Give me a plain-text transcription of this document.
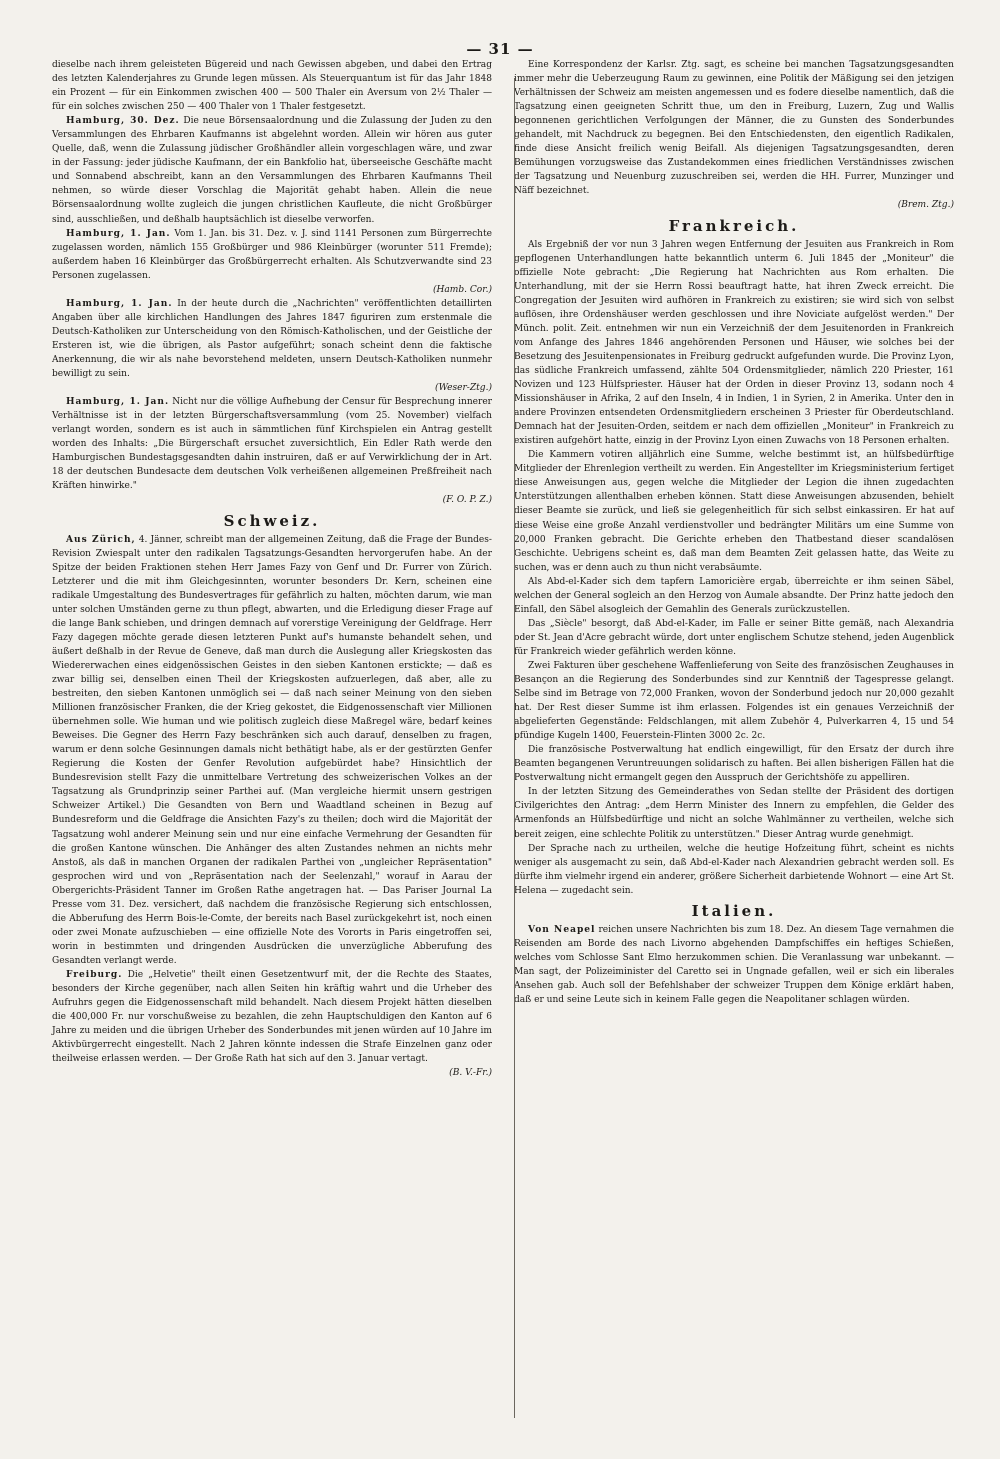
— 31 —

dieselbe nach ihrem geleisteten Bügereid und nach Gewissen abgeben, und dabei den Ertrag des letzten Kalenderjahres zu Grunde legen müssen. Als Steuerquantum ist für das Jahr 1848 ein Prozent — für ein Einkommen zwischen 400 — 500 Thaler ein Aversum von 2½ Thaler — für ein solches zwischen 250 — 400 Thaler von 1 Thaler festgesetzt.

Hamburg, 30. Dez. Die neue Börsensaalordnung und die Zulassung der Juden zu den Versammlungen des Ehrbaren Kaufmanns ist abgelehnt worden. Allein wir hören aus guter Quelle, daß, wenn die Zulassung jüdischer Großhändler allein vorgeschlagen wäre, und zwar in der Fassung: jeder jüdische Kaufmann, der ein Bankfolio hat, überseeische Geschäfte macht und Sonnabend abschreibt, kann an den Versammlungen des Ehrbaren Kaufmanns Theil nehmen, so würde dieser Vorschlag die Majorität gehabt haben. Allein die neue Börsensaalordnung wollte zugleich die jungen christlichen Kaufleute, die nicht Großbürger sind, ausschließen, und deßhalb hauptsächlich ist dieselbe verworfen.

Hamburg, 1. Jan. Vom 1. Jan. bis 31. Dez. v. J. sind 1141 Personen zum Bürgerrechte zugelassen worden, nämlich 155 Großbürger und 986 Kleinbürger (worunter 511 Fremde); außerdem haben 16 Kleinbürger das Großbürgerrecht erhalten. Als Schutzverwandte sind 23 Personen zugelassen.
(Hamb. Cor.)

Hamburg, 1. Jan. In der heute durch die „Nachrichten" veröffentlichten detaillirten Angaben über alle kirchlichen Handlungen des Jahres 1847 figuriren zum erstenmale die Deutsch-Katholiken zur Unterscheidung von den Römisch-Katholischen, und der Geistliche der Ersteren ist, wie die übrigen, als Pastor aufgeführt; sonach scheint denn die faktische Anerkennung, die wir als nahe bevorstehend meldeten, unsern Deutsch-Katholiken nunmehr bewilligt zu sein.
(Weser-Ztg.)

Hamburg, 1. Jan. Nicht nur die völlige Aufhebung der Censur für Besprechung innerer Verhältnisse ist in der letzten Bürgerschaftsversammlung (vom 25. November) vielfach verlangt worden, sondern es ist auch in sämmtlichen fünf Kirchspielen ein Antrag gestellt worden des Inhalts: „Die Bürgerschaft ersuchet zuversichtlich, Ein Edler Rath werde den Hamburgischen Bundestagsgesandten dahin instruiren, daß er auf Verwirklichung der in Art. 18 der deutschen Bundesacte dem deutschen Volk verheißenen allgemeinen Preßfreiheit nach Kräften hinwirke."
(F. O. P. Z.)

Schweiz.

Aus Zürich, 4. Jänner, schreibt man der allgemeinen Zeitung, daß die Frage der Bundes-Revision Zwiespalt unter den radikalen Tagsatzungs-Gesandten hervorgerufen habe. An der Spitze der beiden Fraktionen stehen Herr James Fazy von Genf und Dr. Furrer von Zürich. Letzterer und die mit ihm Gleichgesinnten, worunter besonders Dr. Kern, scheinen eine radikale Umgestaltung des Bundesvertrages für gefährlich zu halten, möchten darum, wie man unter solchen Umständen gerne zu thun pflegt, abwarten, und die Erledigung dieser Frage auf die lange Bank schieben, und dringen demnach auf vorerstige Vereinigung der Geldfrage. Herr Fazy dagegen möchte gerade diesen letzteren Punkt auf's humanste behandelt sehen, und äußert deßhalb in der Revue de Geneve, daß man durch die Auslegung aller Kriegskosten das Wiedererwachen eines eidgenössischen Geistes in den sieben Kantonen erstickte; — daß es zwar billig sei, denselben einen Theil der Kriegskosten aufzuerlegen, daß aber, alle zu bestreiten, den sieben Kantonen unmöglich sei — daß nach seiner Meinung von den sieben Millionen französischer Franken, die der Krieg gekostet, die Eidgenossenschaft vier Millionen übernehmen solle. Wie human und wie politisch zugleich diese Maßregel wäre, bedarf keines Beweises. Die Gegner des Herrn Fazy beschränken sich auch darauf, denselben zu fragen, warum er denn solche Gesinnungen damals nicht bethätigt habe, als er der gestürzten Genfer Regierung die Kosten der Genfer Revolution aufgebürdet habe? Hinsichtlich der Bundesrevision stellt Fazy die unmittelbare Vertretung des schweizerischen Volkes an der Tagsatzung als Grundprinzip seiner Parthei auf. (Man vergleiche hiermit unsern gestrigen Schweizer Artikel.) Die Gesandten von Bern und Waadtland scheinen in Bezug auf Bundesreform und die Geldfrage die Ansichten Fazy's zu theilen; doch wird die Majorität der Tagsatzung wohl anderer Meinung sein und nur eine einfache Vermehrung der Gesandten für die großen Kantone wünschen. Die Anhänger des alten Zustandes nehmen an nichts mehr Anstoß, als daß in manchen Organen der radikalen Parthei von „ungleicher Repräsentation" gesprochen wird und von „Repräsentation nach der Seelenzahl," worauf in Aarau der Obergerichts-Präsident Tanner im Großen Rathe angetragen hat. — Das Pariser Journal La Presse vom 31. Dez. versichert, daß nachdem die französische Regierung sich entschlossen, die Abberufung des Herrn Bois-le-Comte, der bereits nach Basel zurückgekehrt ist, noch einen oder zwei Monate aufzuschieben — eine offizielle Note des Vororts in Paris eingetroffen sei, worin in bestimmten und dringenden Ausdrücken die unverzügliche Abberufung des Gesandten verlangt werde.

Freiburg. Die „Helvetie" theilt einen Gesetzentwurf mit, der die Rechte des Staates, besonders der Kirche gegenüber, nach allen Seiten hin kräftig wahrt und die Urheber des Aufruhrs gegen die Eidgenossenschaft mild behandelt. Nach diesem Projekt hätten dieselben die 400,000 Fr. nur vorschußweise zu bezahlen, die zehn Hauptschuldigen den Kanton auf 6 Jahre zu meiden und die übrigen Urheber des Sonderbundes mit jenen würden auf 10 Jahre im Aktivbürgerrecht eingestellt. Nach 2 Jahren könnte indessen die Strafe Einzelnen ganz oder theilweise erlassen werden. — Der Große Rath hat sich auf den 3. Januar vertagt.
(B. V.-Fr.)

Eine Korrespondenz der Karlsr. Ztg. sagt, es scheine bei manchen Tagsatzungsgesandten immer mehr die Ueberzeugung Raum zu gewinnen, eine Politik der Mäßigung sei den jetzigen Verhältnissen der Schweiz am meisten angemessen und es fodere dieselbe namentlich, daß die Tagsatzung einen geeigneten Schritt thue, um den in Freiburg, Luzern, Zug und Wallis begonnenen gerichtlichen Verfolgungen der Männer, die zu Gunsten des Sonderbundes gehandelt, mit Nachdruck zu begegnen. Bei den Entschiedensten, den eigentlich Radikalen, finde diese Ansicht freilich wenig Beifall. Als diejenigen Tagsatzungsgesandten, deren Bemühungen vorzugsweise das Zustandekommen eines friedlichen Verständnisses zwischen der Tagsatzung und Neuenburg zuzuschreiben sei, werden die HH. Furrer, Munzinger und Näff bezeichnet.
(Brem. Ztg.)

Frankreich.

Als Ergebniß der vor nun 3 Jahren wegen Entfernung der Jesuiten aus Frankreich in Rom gepflogenen Unterhandlungen hatte bekanntlich unterm 6. Juli 1845 der „Moniteur" die offizielle Note gebracht: „Die Regierung hat Nachrichten aus Rom erhalten. Die Unterhandlung, mit der sie Herrn Rossi beauftragt hatte, hat ihren Zweck erreicht. Die Congregation der Jesuiten wird aufhören in Frankreich zu existiren; sie wird sich von selbst auflösen, ihre Ordenshäuser werden geschlossen und ihre Noviciate aufgelöst werden." Der Münch. polit. Zeit. entnehmen wir nun ein Verzeichniß der dem Jesuitenorden in Frankreich vom Anfange des Jahres 1846 angehörenden Personen und Häuser, wie solches bei der Besetzung des Jesuitenpensionates in Freiburg gedruckt aufgefunden wurde. Die Provinz Lyon, das südliche Frankreich umfassend, zählte 504 Ordensmitglieder, nämlich 220 Priester, 161 Novizen und 123 Hülfspriester. Häuser hat der Orden in dieser Provinz 13, sodann noch 4 Missionshäuser in Afrika, 2 auf den Inseln, 4 in Indien, 1 in Syrien, 2 in Amerika. Unter den in andere Provinzen entsendeten Ordensmitgliedern erscheinen 3 Priester für Oberdeutschland. Demnach hat der Jesuiten-Orden, seitdem er nach dem offiziellen „Moniteur" in Frankreich zu existiren aufgehört hatte, einzig in der Provinz Lyon einen Zuwachs von 18 Personen erhalten.

Die Kammern votiren alljährlich eine Summe, welche bestimmt ist, an hülfsbedürftige Mitglieder der Ehrenlegion vertheilt zu werden. Ein Angestellter im Kriegsministerium fertiget diese Anweisungen aus, gegen welche die Mitglieder der Legion die ihnen zugedachten Unterstützungen allenthalben erheben können. Statt diese Anweisungen abzusenden, behielt dieser Beamte sie zurück, und ließ sie gelegenheitlich für sich selbst einkassiren. Er hat auf diese Weise eine große Anzahl verdienstvoller und bedrängter Militärs um eine Summe von 20,000 Franken gebracht. Die Gerichte erheben den Thatbestand dieser scandalösen Geschichte. Uebrigens scheint es, daß man dem Beamten Zeit gelassen hatte, das Weite zu suchen, was er denn auch zu thun nicht verabsäumte.

Als Abd-el-Kader sich dem tapfern Lamoricière ergab, überreichte er ihm seinen Säbel, welchen der General sogleich an den Herzog von Aumale absandte. Der Prinz hatte jedoch den Einfall, den Säbel alsogleich der Gemahlin des Generals zurückzustellen.

Das „Siècle" besorgt, daß Abd-el-Kader, im Falle er seiner Bitte gemäß, nach Alexandria oder St. Jean d'Acre gebracht würde, dort unter englischem Schutze stehend, jeden Augenblick für Frankreich wieder gefährlich werden könne.

Zwei Fakturen über geschehene Waffenlieferung von Seite des französischen Zeughauses in Besançon an die Regierung des Sonderbundes sind zur Kenntniß der Tagespresse gelangt. Selbe sind im Betrage von 72,000 Franken, wovon der Sonderbund jedoch nur 20,000 gezahlt hat. Der Rest dieser Summe ist ihm erlassen. Folgendes ist ein genaues Verzeichniß der abgelieferten Gegenstände: Feldschlangen, mit allem Zubehör 4, Pulverkarren 4, 15 und 54 pfündige Kugeln 1400, Feuerstein-Flinten 3000 2c. 2c.

Die französische Postverwaltung hat endlich eingewilligt, für den Ersatz der durch ihre Beamten begangenen Veruntreuungen solidarisch zu haften. Bei allen bisherigen Fällen hat die Postverwaltung nicht ermangelt gegen den Ausspruch der Gerichtshöfe zu appelliren.

In der letzten Sitzung des Gemeinderathes von Sedan stellte der Präsident des dortigen Civilgerichtes den Antrag: „dem Herrn Minister des Innern zu empfehlen, die Gelder des Armenfonds an Hülfsbedürftige und nicht an solche Wahlmänner zu vertheilen, welche sich bereit zeigen, eine schlechte Politik zu unterstützen." Dieser Antrag wurde genehmigt.

Der Sprache nach zu urtheilen, welche die heutige Hofzeitung führt, scheint es nichts weniger als ausgemacht zu sein, daß Abd-el-Kader nach Alexandrien gebracht werden soll. Es dürfte ihm vielmehr irgend ein anderer, größere Sicherheit darbietende Wohnort — eine Art St. Helena — zugedacht sein.

Italien.

Von Neapel reichen unsere Nachrichten bis zum 18. Dez. An diesem Tage vernahmen die Reisenden am Borde des nach Livorno abgehenden Dampfschiffes ein heftiges Schießen, welches vom Schlosse Sant Elmo herzukommen schien. Die Veranlassung war unbekannt. — Man sagt, der Polizeiminister del Caretto sei in Ungnade gefallen, weil er sich ein liberales Ansehen gab. Auch soll der Befehlshaber der schweizer Truppen dem Könige erklärt haben, daß er und seine Leute sich in keinem Falle gegen die Neapolitaner schlagen würden.
